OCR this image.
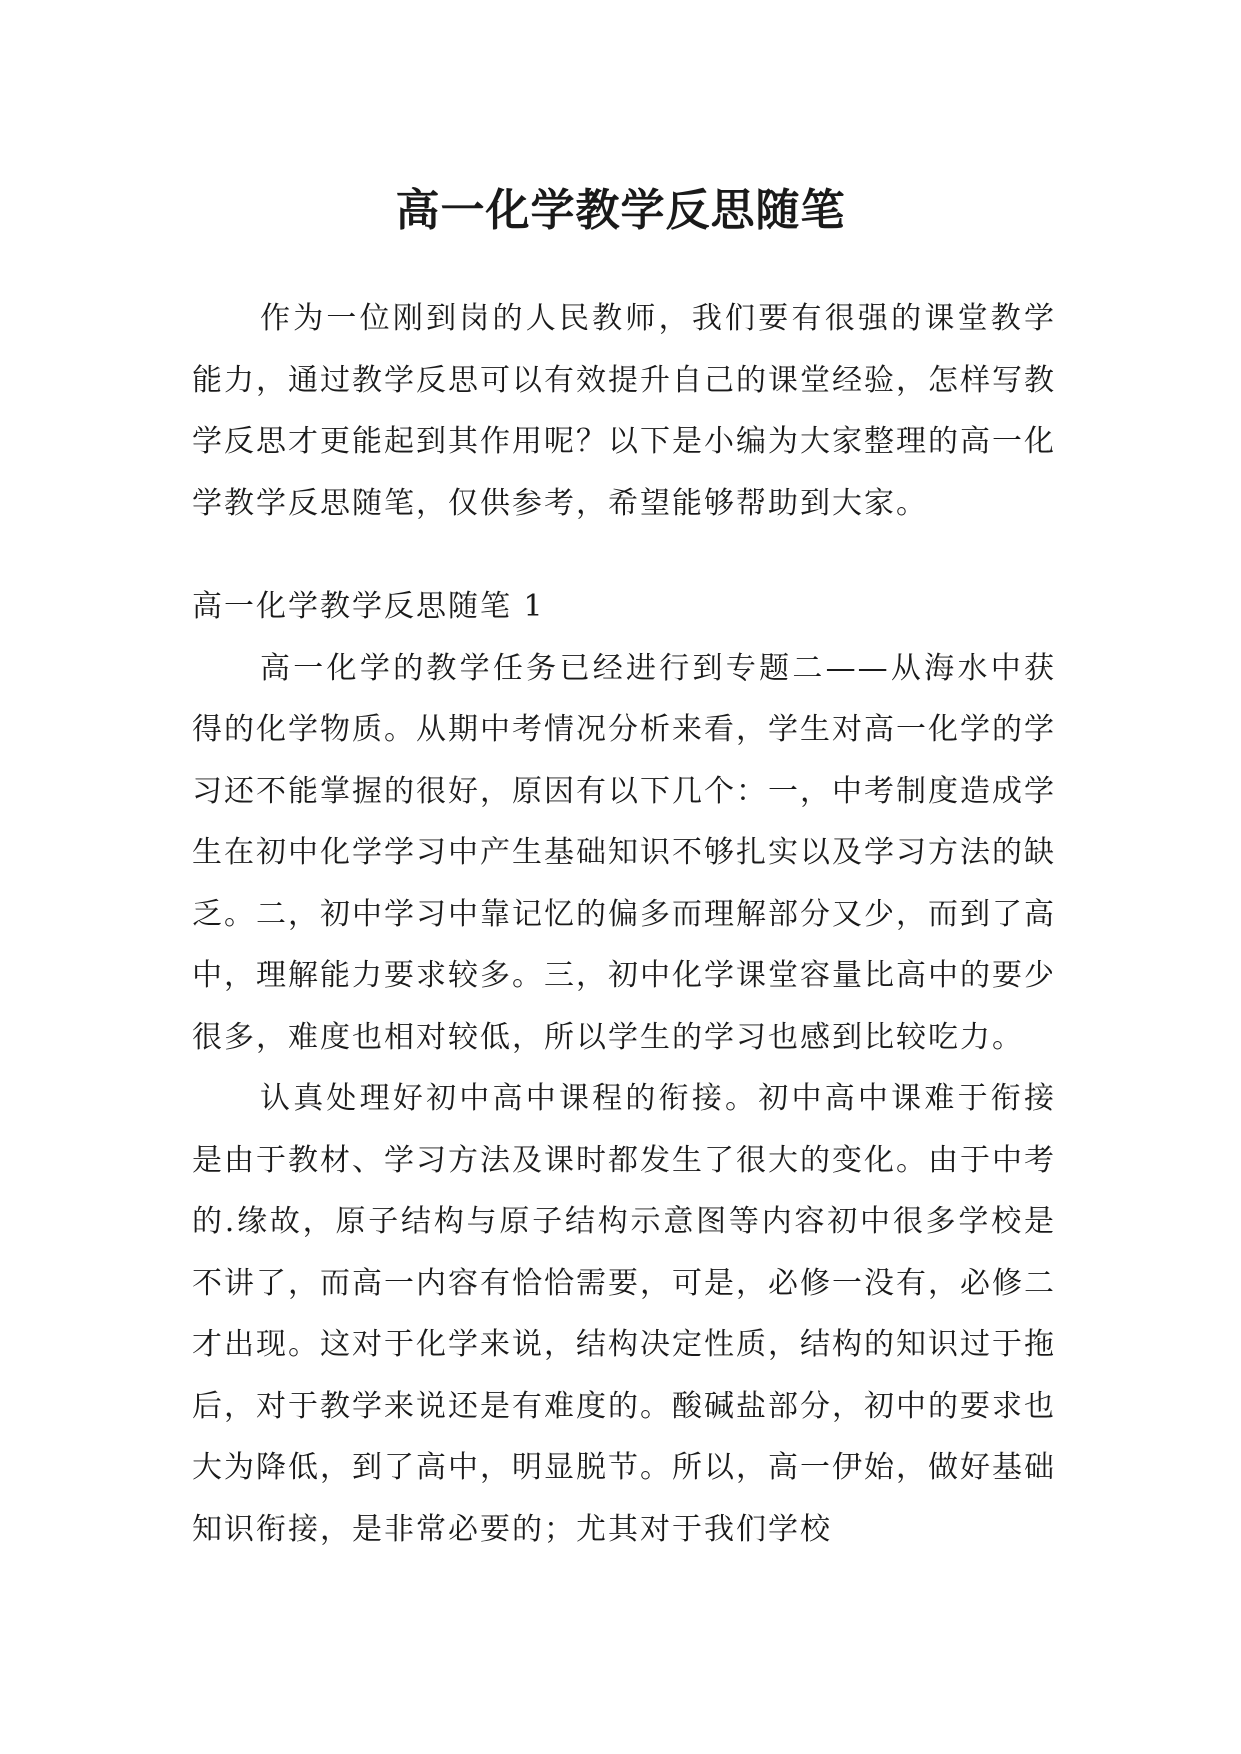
高一化学教学反思随笔

作为一位刚到岗的人民教师，我们要有很强的课堂教学能力，通过教学反思可以有效提升自己的课堂经验，怎样写教学反思才更能起到其作用呢？以下是小编为大家整理的高一化学教学反思随笔，仅供参考，希望能够帮助到大家。

高一化学教学反思随笔 1

高一化学的教学任务已经进行到专题二——从海水中获得的化学物质。从期中考情况分析来看，学生对高一化学的学习还不能掌握的很好，原因有以下几个：一，中考制度造成学生在初中化学学习中产生基础知识不够扎实以及学习方法的缺乏。二，初中学习中靠记忆的偏多而理解部分又少，而到了高中，理解能力要求较多。三，初中化学课堂容量比高中的要少很多，难度也相对较低，所以学生的学习也感到比较吃力。

认真处理好初中高中课程的衔接。初中高中课难于衔接是由于教材、学习方法及课时都发生了很大的变化。由于中考的.缘故，原子结构与原子结构示意图等内容初中很多学校是不讲了，而高一内容有恰恰需要，可是，必修一没有，必修二才出现。这对于化学来说，结构决定性质，结构的知识过于拖后，对于教学来说还是有难度的。酸碱盐部分，初中的要求也大为降低，到了高中，明显脱节。所以，高一伊始，做好基础知识衔接，是非常必要的；尤其对于我们学校
